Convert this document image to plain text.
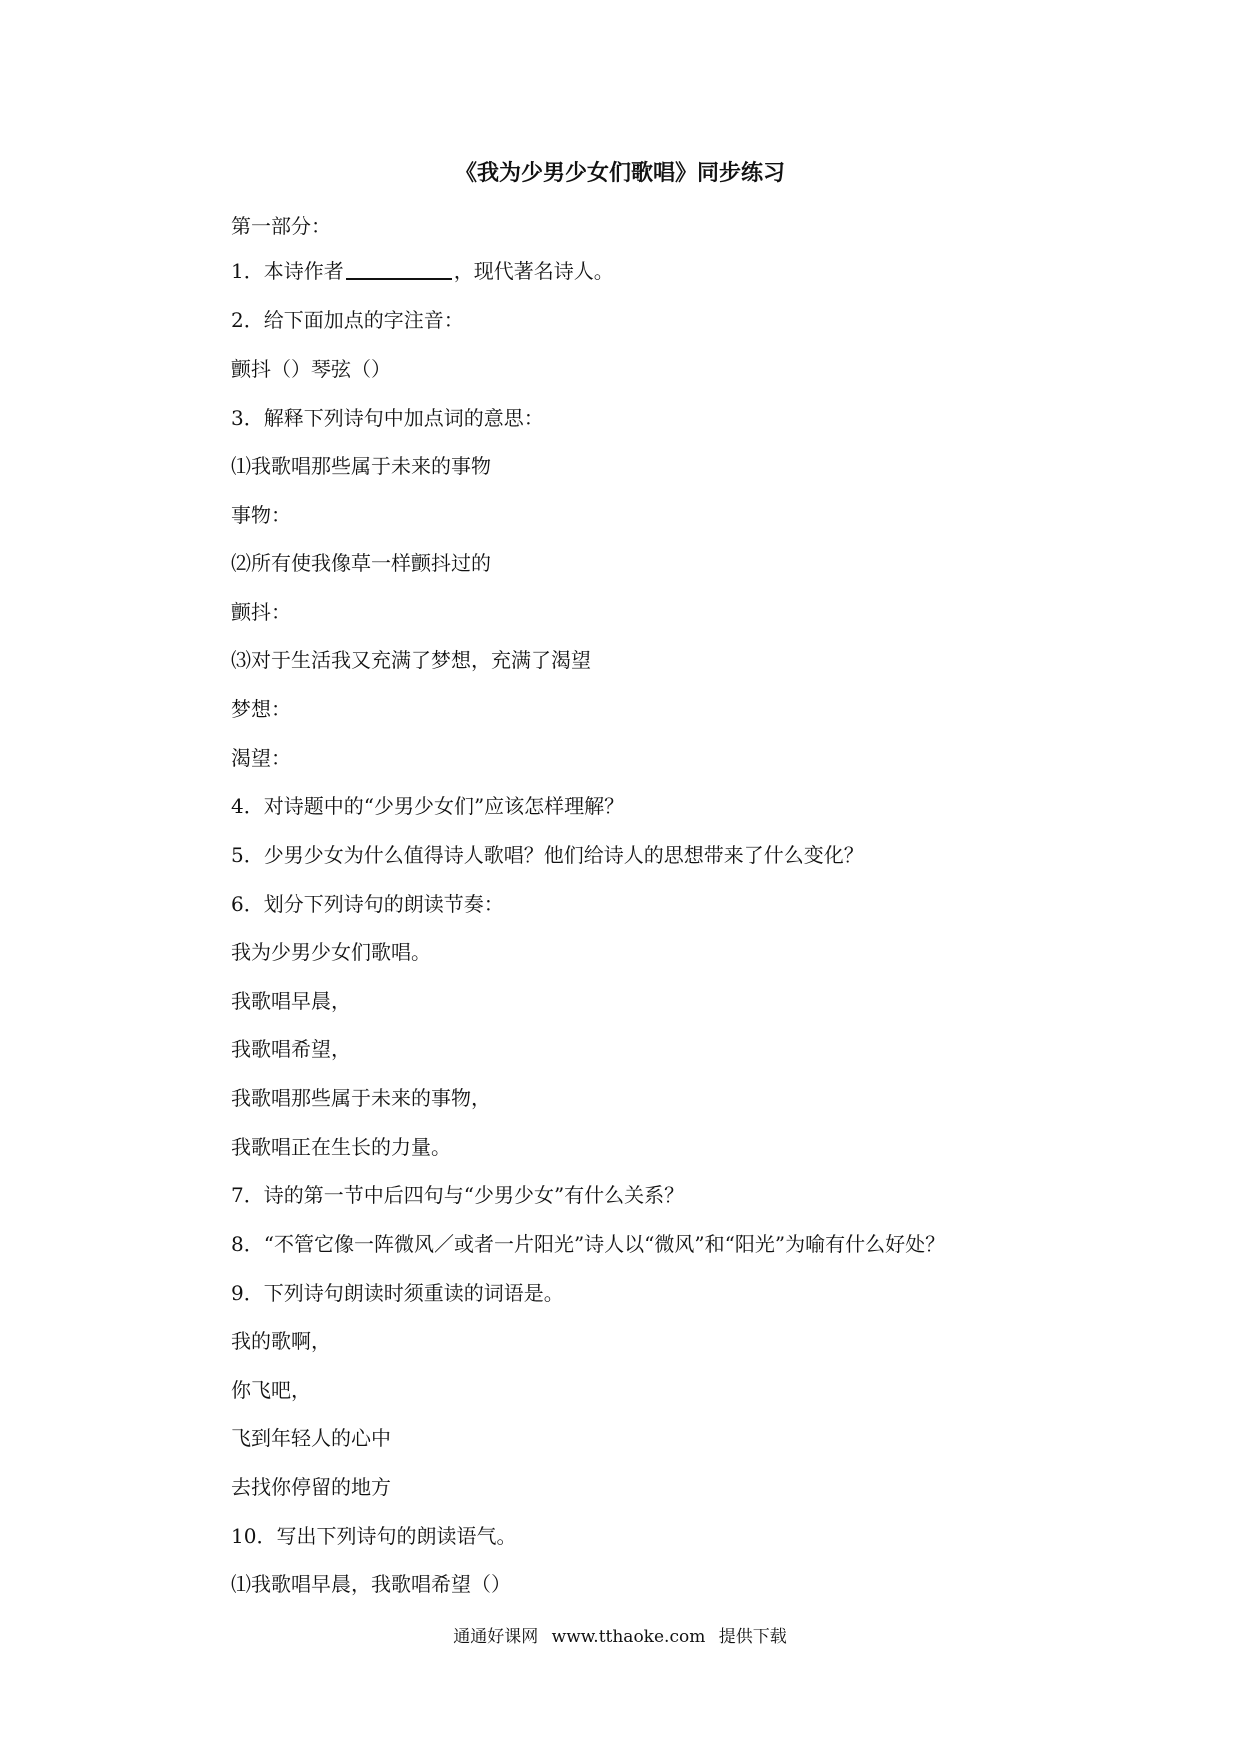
《我为少男少女们歌唱》同步练习
第一部分：
1．本诗作者	，现代著名诗人。
2．给下面加点的字注音：
颤抖（）琴弦（）
3．解释下列诗句中加点词的意思：
⑴我歌唱那些属于未来的事物
事物：
⑵所有使我像草一样颤抖过的
颤抖：
⑶对于生活我又充满了梦想，充满了渴望
梦想：
渴望：
4．对诗题中的“少男少女们”应该怎样理解？
5．少男少女为什么值得诗人歌唱？他们给诗人的思想带来了什么变化？
6．划分下列诗句的朗读节奏：
我为少男少女们歌唱。
我歌唱早晨，
我歌唱希望，
我歌唱那些属于未来的事物，
我歌唱正在生长的力量。
7．诗的第一节中后四句与“少男少女”有什么关系？
8．“不管它像一阵微风／或者一片阳光”诗人以“微风”和“阳光”为喻有什么好处？
9．下列诗句朗读时须重读的词语是。
我的歌啊，
你飞吧，
飞到年轻人的心中
去找你停留的地方
10．写出下列诗句的朗读语气。
⑴我歌唱早晨，我歌唱希望（）
通通好课网 www.tthaoke.com 提供下载
